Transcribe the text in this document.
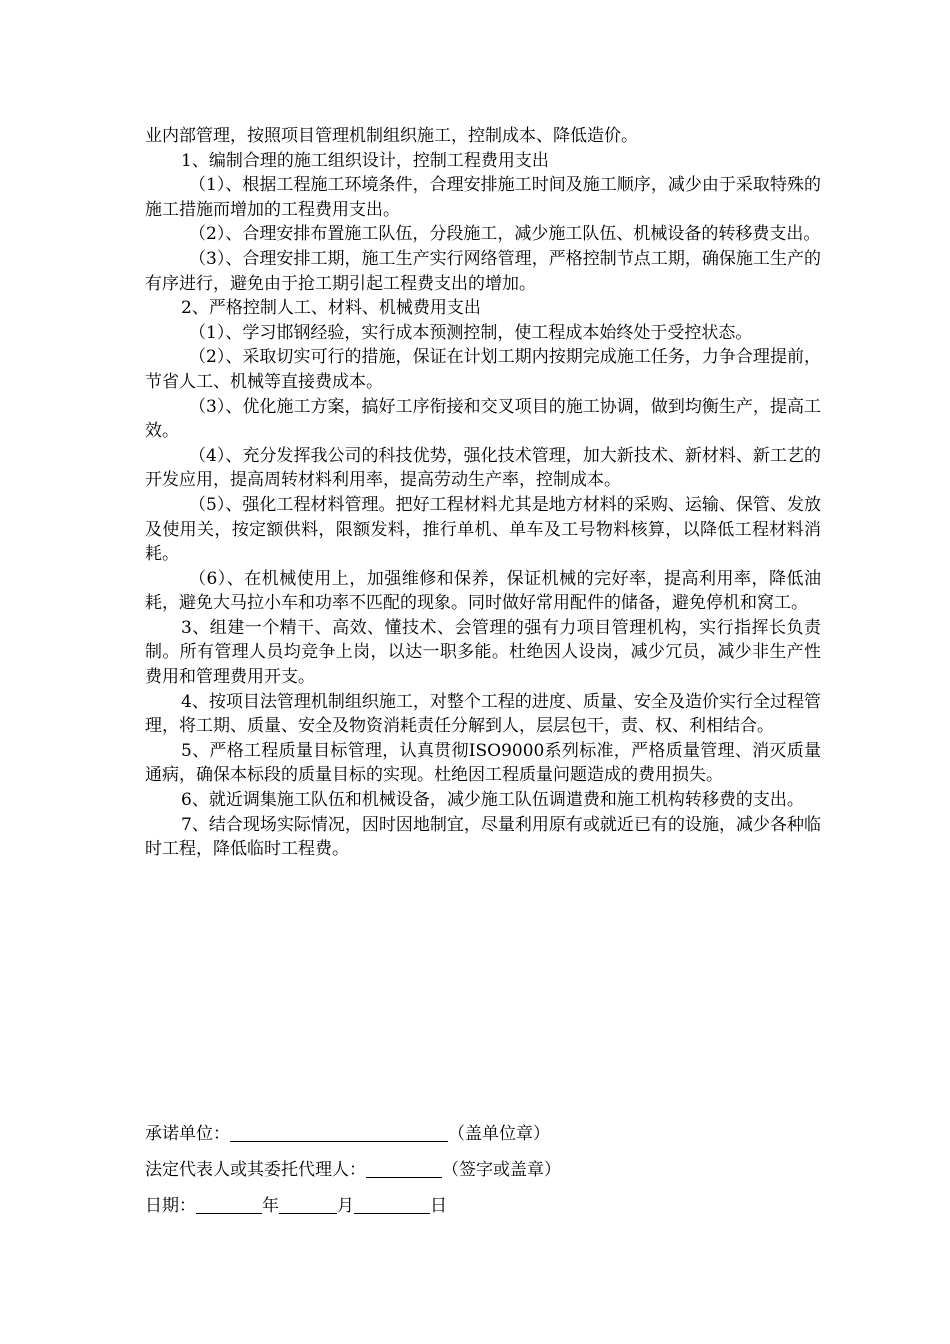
业内部管理，按照项目管理机制组织施工，控制成本、降低造价。

1、编制合理的施工组织设计，控制工程费用支出

（1）、根据工程施工环境条件，合理安排施工时间及施工顺序，减少由于采取特殊的施工措施而增加的工程费用支出。

（2）、合理安排布置施工队伍，分段施工，减少施工队伍、机械设备的转移费支出。

（3）、合理安排工期，施工生产实行网络管理，严格控制节点工期，确保施工生产的有序进行，避免由于抢工期引起工程费支出的增加。

2、严格控制人工、材料、机械费用支出

（1）、学习邯钢经验，实行成本预测控制，使工程成本始终处于受控状态。

（2）、采取切实可行的措施，保证在计划工期内按期完成施工任务，力争合理提前，节省人工、机械等直接费成本。

（3）、优化施工方案，搞好工序衔接和交叉项目的施工协调，做到均衡生产，提高工效。

（4）、充分发挥我公司的科技优势，强化技术管理，加大新技术、新材料、新工艺的开发应用，提高周转材料利用率，提高劳动生产率，控制成本。

（5）、强化工程材料管理。把好工程材料尤其是地方材料的采购、运输、保管、发放及使用关，按定额供料，限额发料，推行单机、单车及工号物料核算，以降低工程材料消耗。

（6）、在机械使用上，加强维修和保养，保证机械的完好率，提高利用率，降低油耗，避免大马拉小车和功率不匹配的现象。同时做好常用配件的储备，避免停机和窝工。

3、组建一个精干、高效、懂技术、会管理的强有力项目管理机构，实行指挥长负责制。所有管理人员均竞争上岗，以达一职多能。杜绝因人设岗，减少冗员，减少非生产性费用和管理费用开支。

4、按项目法管理机制组织施工，对整个工程的进度、质量、安全及造价实行全过程管理，将工期、质量、安全及物资消耗责任分解到人，层层包干，责、权、利相结合。

5、严格工程质量目标管理，认真贯彻ISO9000系列标准，严格质量管理、消灭质量通病，确保本标段的质量目标的实现。杜绝因工程质量问题造成的费用损失。

6、就近调集施工队伍和机械设备，减少施工队伍调遣费和施工机构转移费的支出。

7、结合现场实际情况，因时因地制宜，尽量利用原有或就近已有的设施，减少各种临时工程，降低临时工程费。

承诺单位：	（盖单位章）
法定代表人或其委托代理人：	（签字或盖章）
日期：	年	月	日
